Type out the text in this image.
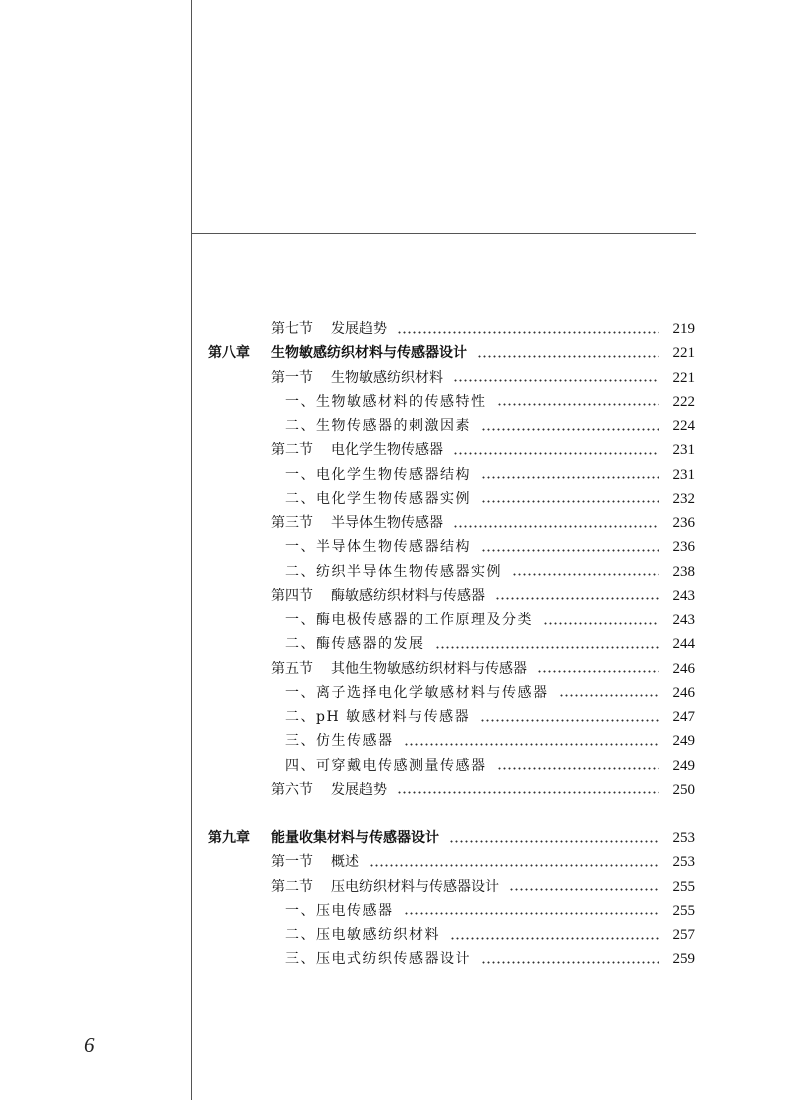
第七节	发展趋势	219
第八章	生物敏感纺织材料与传感器设计	221
第一节	生物敏感纺织材料	221
一、生物敏感材料的传感特性	222
二、生物传感器的刺激因素	224
第二节	电化学生物传感器	231
一、电化学生物传感器结构	231
二、电化学生物传感器实例	232
第三节	半导体生物传感器	236
一、半导体生物传感器结构	236
二、纺织半导体生物传感器实例	238
第四节	酶敏感纺织材料与传感器	243
一、酶电极传感器的工作原理及分类	243
二、酶传感器的发展	244
第五节	其他生物敏感纺织材料与传感器	246
一、离子选择电化学敏感材料与传感器	246
二、pH 敏感材料与传感器	247
三、仿生传感器	249
四、可穿戴电传感测量传感器	249
第六节	发展趋势	250
第九章	能量收集材料与传感器设计	253
第一节	概述	253
第二节	压电纺织材料与传感器设计	255
一、压电传感器	255
二、压电敏感纺织材料	257
三、压电式纺织传感器设计	259
6
